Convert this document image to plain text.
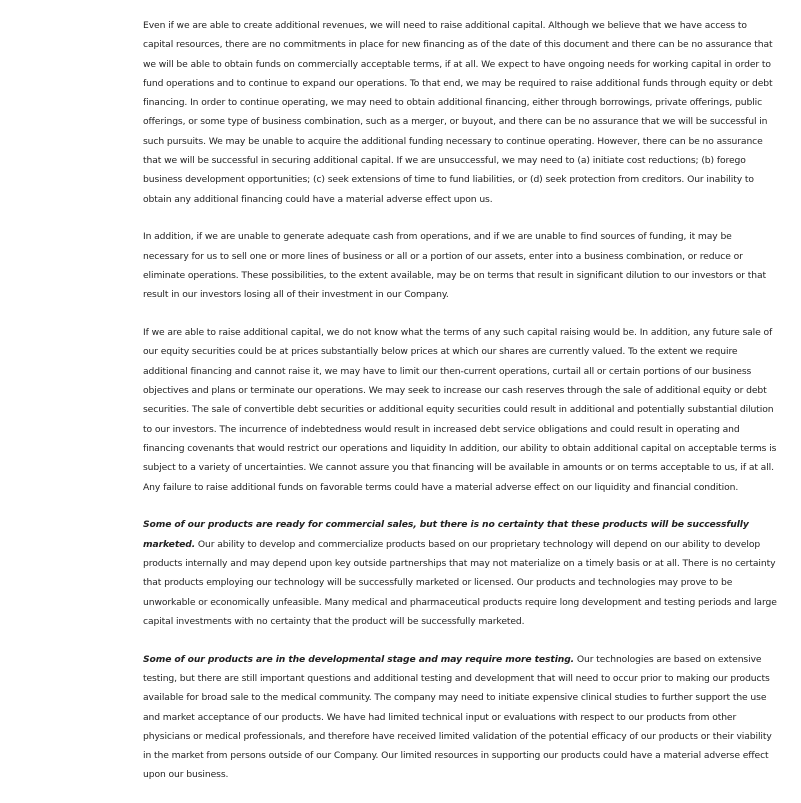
Even if we are able to create additional revenues, we will need to raise additional capital. Although we believe that we have access to capital resources, there are no commitments in place for new financing as of the date of this document and there can be no assurance that we will be able to obtain funds on commercially acceptable terms, if at all. We expect to have ongoing needs for working capital in order to fund operations and to continue to expand our operations. To that end, we may be required to raise additional funds through equity or debt financing. In order to continue operating, we may need to obtain additional financing, either through borrowings, private offerings, public offerings, or some type of business combination, such as a merger, or buyout, and there can be no assurance that we will be successful in such pursuits. We may be unable to acquire the additional funding necessary to continue operating. However, there can be no assurance that we will be successful in securing additional capital. If we are unsuccessful, we may need to (a) initiate cost reductions; (b) forego business development opportunities; (c) seek extensions of time to fund liabilities, or (d) seek protection from creditors. Our inability to obtain any additional financing could have a material adverse effect upon us.

In addition, if we are unable to generate adequate cash from operations, and if we are unable to find sources of funding, it may be necessary for us to sell one or more lines of business or all or a portion of our assets, enter into a business combination, or reduce or eliminate operations. These possibilities, to the extent available, may be on terms that result in significant dilution to our investors or that result in our investors losing all of their investment in our Company.

If we are able to raise additional capital, we do not know what the terms of any such capital raising would be. In addition, any future sale of our equity securities could be at prices substantially below prices at which our shares are currently valued. To the extent we require additional financing and cannot raise it, we may have to limit our then-current operations, curtail all or certain portions of our business objectives and plans or terminate our operations. We may seek to increase our cash reserves through the sale of additional equity or debt securities. The sale of convertible debt securities or additional equity securities could result in additional and potentially substantial dilution to our investors. The incurrence of indebtedness would result in increased debt service obligations and could result in operating and financing covenants that would restrict our operations and liquidity In addition, our ability to obtain additional capital on acceptable terms is subject to a variety of uncertainties. We cannot assure you that financing will be available in amounts or on terms acceptable to us, if at all. Any failure to raise additional funds on favorable terms could have a material adverse effect on our liquidity and financial condition.

Some of our products are ready for commercial sales, but there is no certainty that these products will be successfully marketed. Our ability to develop and commercialize products based on our proprietary technology will depend on our ability to develop products internally and may depend upon key outside partnerships that may not materialize on a timely basis or at all. There is no certainty that products employing our technology will be successfully marketed or licensed. Our products and technologies may prove to be unworkable or economically unfeasible. Many medical and pharmaceutical products require long development and testing periods and large capital investments with no certainty that the product will be successfully marketed.

Some of our products are in the developmental stage and may require more testing. Our technologies are based on extensive testing, but there are still important questions and additional testing and development that will need to occur prior to making our products available for broad sale to the medical community. The company may need to initiate expensive clinical studies to further support the use and market acceptance of our products. We have had limited technical input or evaluations with respect to our products from other physicians or medical professionals, and therefore have received limited validation of the potential efficacy of our products or their viability in the market from persons outside of our Company. Our limited resources in supporting our products could have a material adverse effect upon our business.
